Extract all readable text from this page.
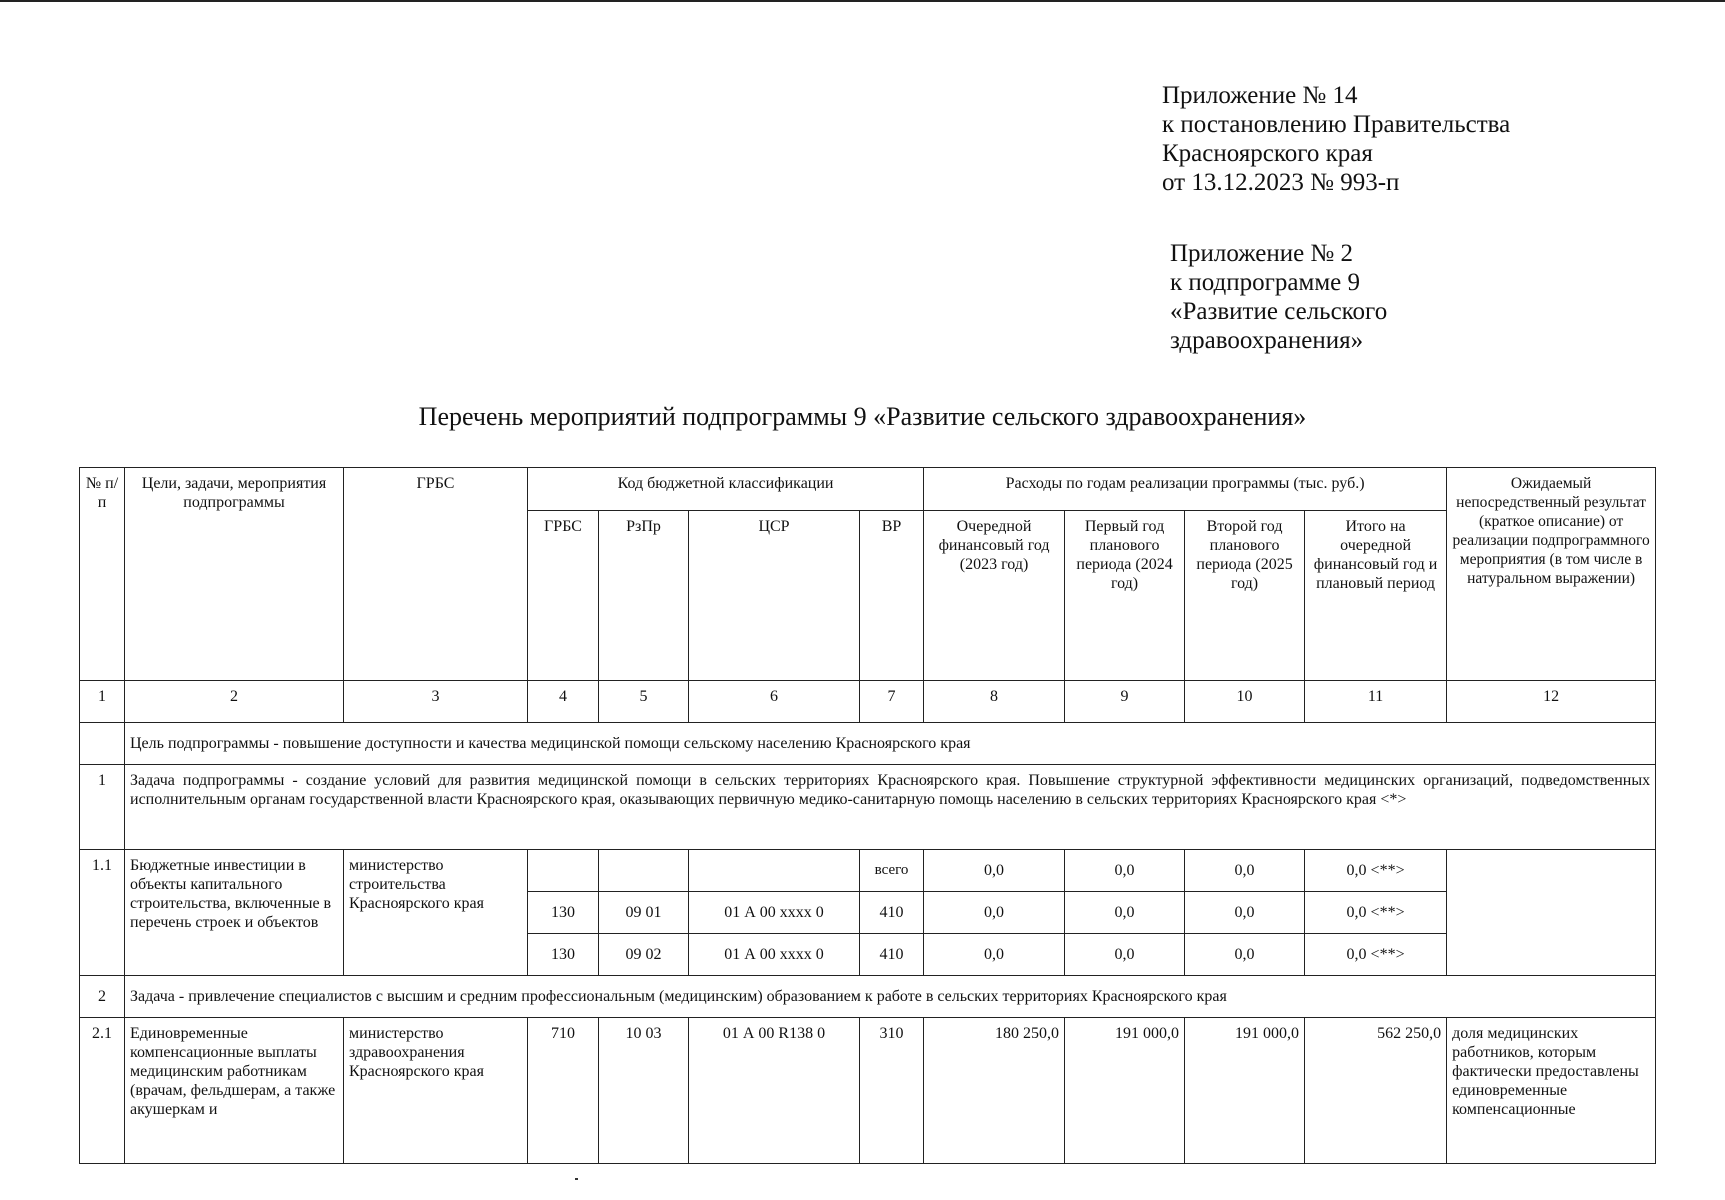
Приложение № 14
к постановлению Правительства
Красноярского края
от 13.12.2023 № 993-п
Приложение № 2
к подпрограмме 9
«Развитие сельского
здравоохранения»
Перечень мероприятий подпрограммы 9 «Развитие сельского здравоохранения»
№ п/п	Цели, задачи, мероприятия подпрограммы	ГРБС	Код бюджетной классификации				Расходы по годам реализации программы (тыс. руб.)				Ожидаемый непосредственный результат (краткое описание) от реализации подпрограммного мероприятия (в том числе в натуральном выражении)
			ГРБС	РзПр	ЦСР	ВР	Очередной финансовый год (2023 год)	Первый год планового периода (2024 год)	Второй год планового периода (2025 год)	Итого на очередной финансовый год и плановый период	
1	2	3	4	5	6	7	8	9	10	11	12
	Цель подпрограммы - повышение доступности и качества медицинской помощи сельскому населению Красноярского края										
1	Задача подпрограммы - создание условий для развития медицинской помощи в сельских территориях Красноярского края. Повышение структурной эффективности медицинских организаций, подведомственных исполнительным органам государственной власти Красноярского края, оказывающих первичную медико-санитарную помощь населению в сельских территориях Красноярского края <*>										
1.1	Бюджетные инвестиции в объекты капитального строительства, включенные в перечень строек и объектов	министерство строительства Красноярского края				всего	0,0	0,0	0,0	0,0 <**>	
			130	09 01	01 А 00 xxxx 0	410	0,0	0,0	0,0	0,0 <**>	
			130	09 02	01 А 00 xxxx 0	410	0,0	0,0	0,0	0,0 <**>	
2	Задача - привлечение специалистов с высшим и средним профессиональным (медицинским) образованием к работе в сельских территориях Красноярского края										
2.1	Единовременные компенсационные выплаты медицинским работникам (врачам, фельдшерам, а также акушеркам и	министерство здравоохранения Красноярского края	710	10 03	01 А 00 R138 0	310	180 250,0	191 000,0	191 000,0	562 250,0	доля медицинских работников, которым фактически предоставлены единовременные компенсационные
